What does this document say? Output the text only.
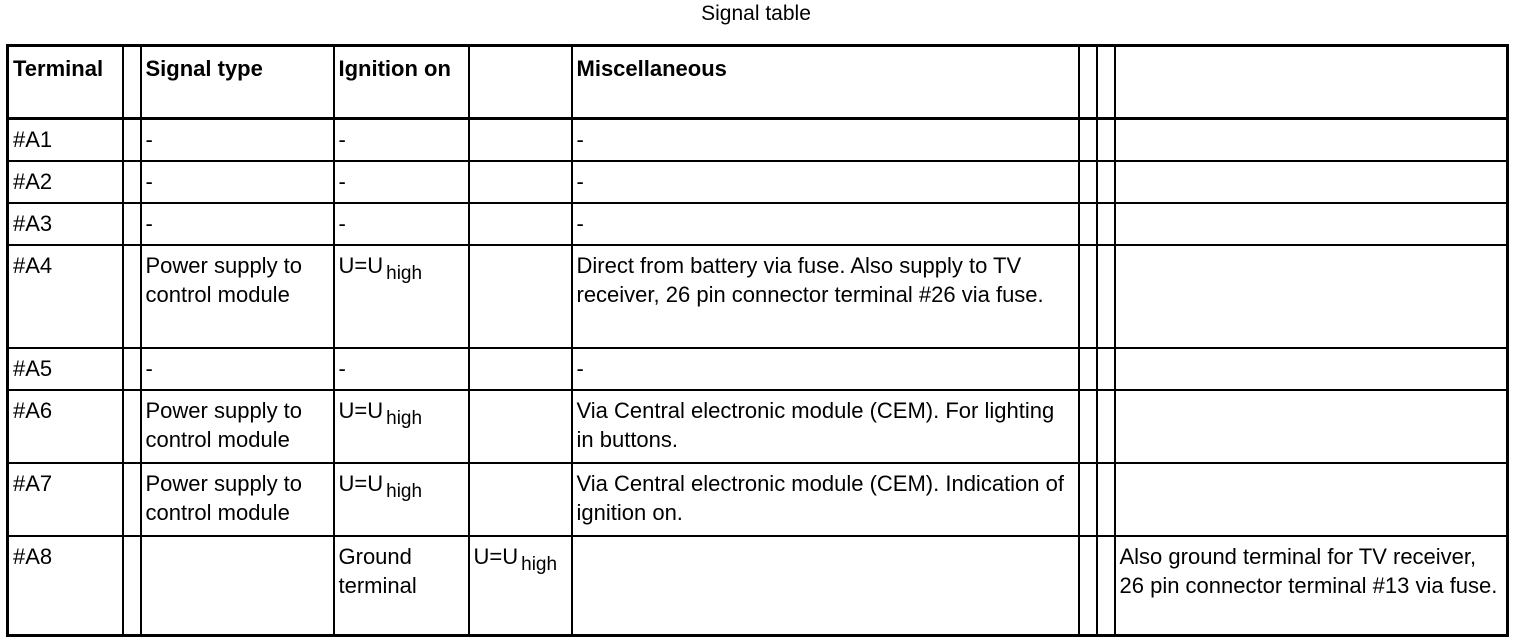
Signal table
Terminal		Signal type	Ignition on		Miscellaneous			
#A1		-	-		-			
#A2		-	-		-			
#A3		-	-		-			
#A4		Power supply to control module	U=U $_{high}$		Direct from battery via fuse. Also supply to TV receiver, 26 pin connector terminal #26 via fuse.			
#A5		-	-		-			
#A6		Power supply to control module	U=U $_{high}$		Via Central electronic module (CEM). For lighting in buttons.			
#A7		Power supply to control module	U=U $_{high}$		Via Central electronic module (CEM). Indication of ignition on.			
#A8			Ground terminal	U=U $_{high}$				Also ground terminal for TV receiver, 26 pin connector terminal #13 via fuse.
